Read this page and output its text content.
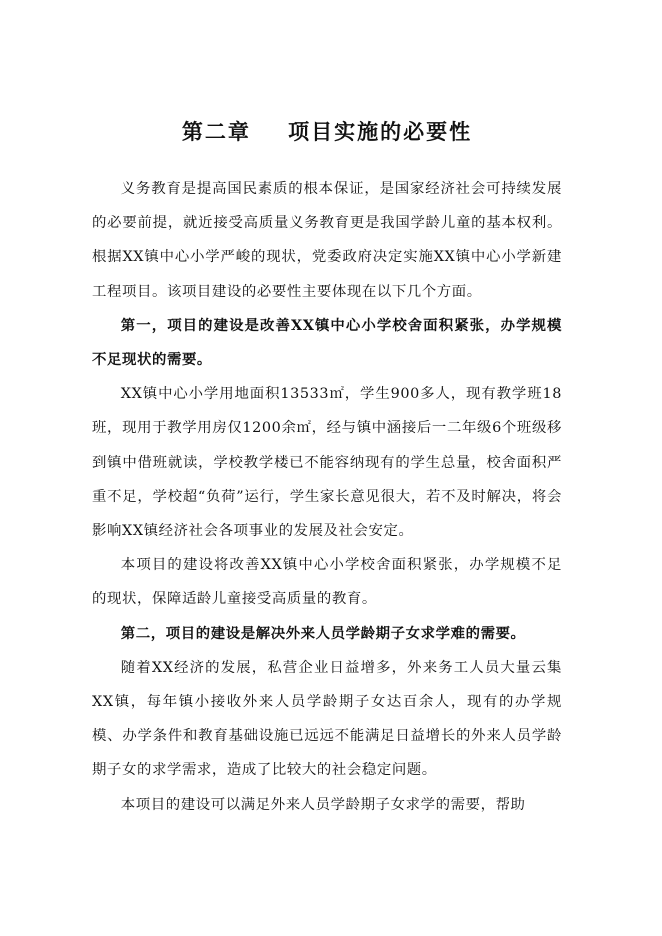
第二章    项目实施的必要性

义务教育是提高国民素质的根本保证，是国家经济社会可持续发展的必要前提，就近接受高质量义务教育更是我国学龄儿童的基本权利。根据XX镇中心小学严峻的现状，党委政府决定实施XX镇中心小学新建工程项目。该项目建设的必要性主要体现在以下几个方面。

第一，项目的建设是改善XX镇中心小学校舍面积紧张，办学规模不足现状的需要。

XX镇中心小学用地面积13533㎡，学生900多人，现有教学班18班，现用于教学用房仅1200余㎡，经与镇中涵接后一二年级6个班级移到镇中借班就读，学校教学楼已不能容纳现有的学生总量，校舍面积严重不足，学校超“负荷”运行，学生家长意见很大，若不及时解决，将会影响XX镇经济社会各项事业的发展及社会安定。

本项目的建设将改善XX镇中心小学校舍面积紧张，办学规模不足的现状，保障适龄儿童接受高质量的教育。

第二，项目的建设是解决外来人员学龄期子女求学难的需要。

随着XX经济的发展，私营企业日益增多，外来务工人员大量云集XX镇，每年镇小接收外来人员学龄期子女达百余人，现有的办学规模、办学条件和教育基础设施已远远不能满足日益增长的外来人员学龄期子女的求学需求，造成了比较大的社会稳定问题。

本项目的建设可以满足外来人员学龄期子女求学的需要，帮助
